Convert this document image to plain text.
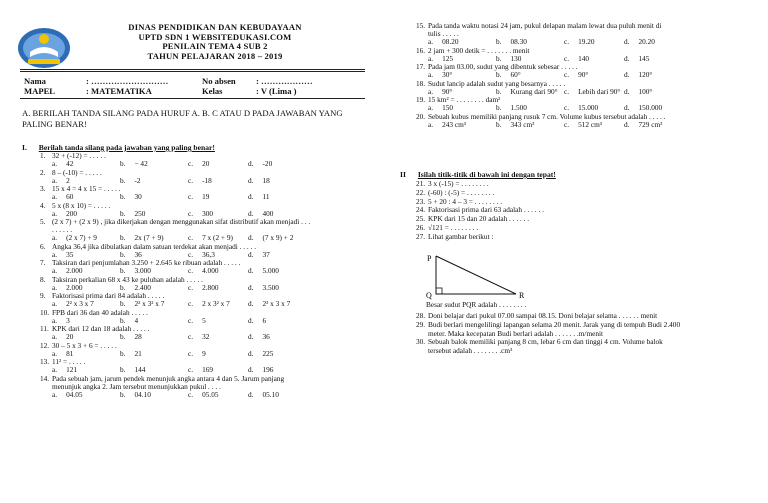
DINAS PENDIDIKAN DAN KEBUDAYAAN
UPTD SDN 1 WEBSITEDUKASI.COM
PENILAIN TEMA 4 SUB 2
TAHUN PELAJARAN 2018 – 2019
Nama	: ………………………	No absen : ………………
MAPEL	: MATEMATIKA	Kelas	: V (Lima )
A. BERILAH TANDA SILANG PADA HURUF A. B. C ATAU D PADA JAWABAN YANG PALING BENAR!
I. Berilah tanda silang pada jawaban yang paling benar!
1. 32 + (-12) = . . . . .
a. 42	b. − 42	c. 20	d. -20
2. 8 – (-10) = . . . . .
a. 2	b. -2	c. -18	d. 18
3. 15 x 4 = 4 x 15 = . . . . .
a. 60	b. 30	c. 19	d. 11
4. 5 x (8 x 10) = . . . . .
a. 200	b. 250	c. 300	d. 400
5. (2 x 7) + (2 x 9) , jika dikerjakan dengan menggunakan sifat distributif akan menjadi . . .
. . . . . .
a. (2 x 7) + 9	b. 2x (7 + 9)	c. 7 x (2 + 9) d. (7 x 9) + 2
6. Angka 36,4 jika dibulatkan dalam satuan terdekat akan menjadi . . . . .
a. 35	b. 36	c. 36,3	d. 37
7. Taksiran dari penjumlahan 3.250 + 2.645 ke ribuan adalah . . . . .
a. 2.000	b. 3.000	c. 4.000	d. 5.000
8. Taksiran perkalian 68 x 43 ke puluhan adalah . . . . .
a. 2.000	b. 2.400	c. 2.800	d. 3.500
9. Faktorisasi prima dari 84 adalah . . . . .
a. 2² x 3 x 7	b. 2² x 3² x 7	c. 2 x 3² x 7 d. 2³ x 3 x 7
10. FPB dari 36 dan 40 adalah . . . . .
a. 3	b. 4	c. 5	d. 6
11. KPK dari 12 dan 18 adalah . . . . .
a. 20	b. 28	c. 32	d. 36
12. 30 – 5 x 3 + 6 = . . . . .
a. 81	b. 21	c. 9	d. 225
13. 11² = . . . . .
a. 121	b. 144	c. 169	d. 196
14. Pada sebuah jam, jarum pendek menunjuk angka antara 4 dan 5. Jarum panjang
menunjuk angka 2. Jam tersebut menunjukkan pukul . . . .
a. 04.05	b. 04.10	c. 05.05	d. 05.10
15. Pada tanda waktu notasi 24 jam, pukul delapan malam lewat dua puluh menit di
tulis . . . . .
a. 08.20	b. 08.30	c. 19.20	d. 20.20
16. 2 jam + 300 detik = . . . . . . . menit
a. 125	b. 130	c. 140	d. 145
17. Pada jam 03.00, sudut yang dibentuk sebesar . . . . .
a. 30°	b. 60°	c. 90°	d. 120°
18. Sudut lancip adalah sudut yang besarnya . . . . .
a. 90°	b. Kurang dari 90° c. Lebih dari 90° d. 100°
19. 15 km² = . . . . . . . . dam²
a. 150	b. 1.500	c. 15.000	d. 150.000
20. Sebuah kubus memiliki panjang rusuk 7 cm. Volume kubus tersebut adalah . . . . .
a. 243 cm³	b. 343 cm³	c. 512 cm³	d. 729 cm³
II Isilah titik-titik di bawah ini dengan tepat!
21. 3 x (-15) = . . . . . . . .
22. (-60) : (-5) = . . . . . . . .
23. 5 + 20 : 4 – 3 = . . . . . . . .
24. Faktorisasi prima dari 63 adalah . . . . . .
25. KPK dari 15 dan 20 adalah . . . . . .
26. √121 = . . . . . . . .
27. Lihat gambar berikut :
P
Q	R
Besar sudut PQR adalah . . . . . . . .
28. Doni belajar dari pukul 07.00 sampai 08.15. Doni belajar selama . . . . . . menit
29. Budi berlari mengelilingi lapangan selama 20 menit. Jarak yang di tempuh Budi 2.400
meter. Maka kecepatan Budi berlari adalah . . . . . . .m/menit
30. Sebuah balok memiliki panjang 8 cm, lebar 6 cm dan tinggi 4 cm. Volume balok
tersebut adalah . . . . . . . .cm³
